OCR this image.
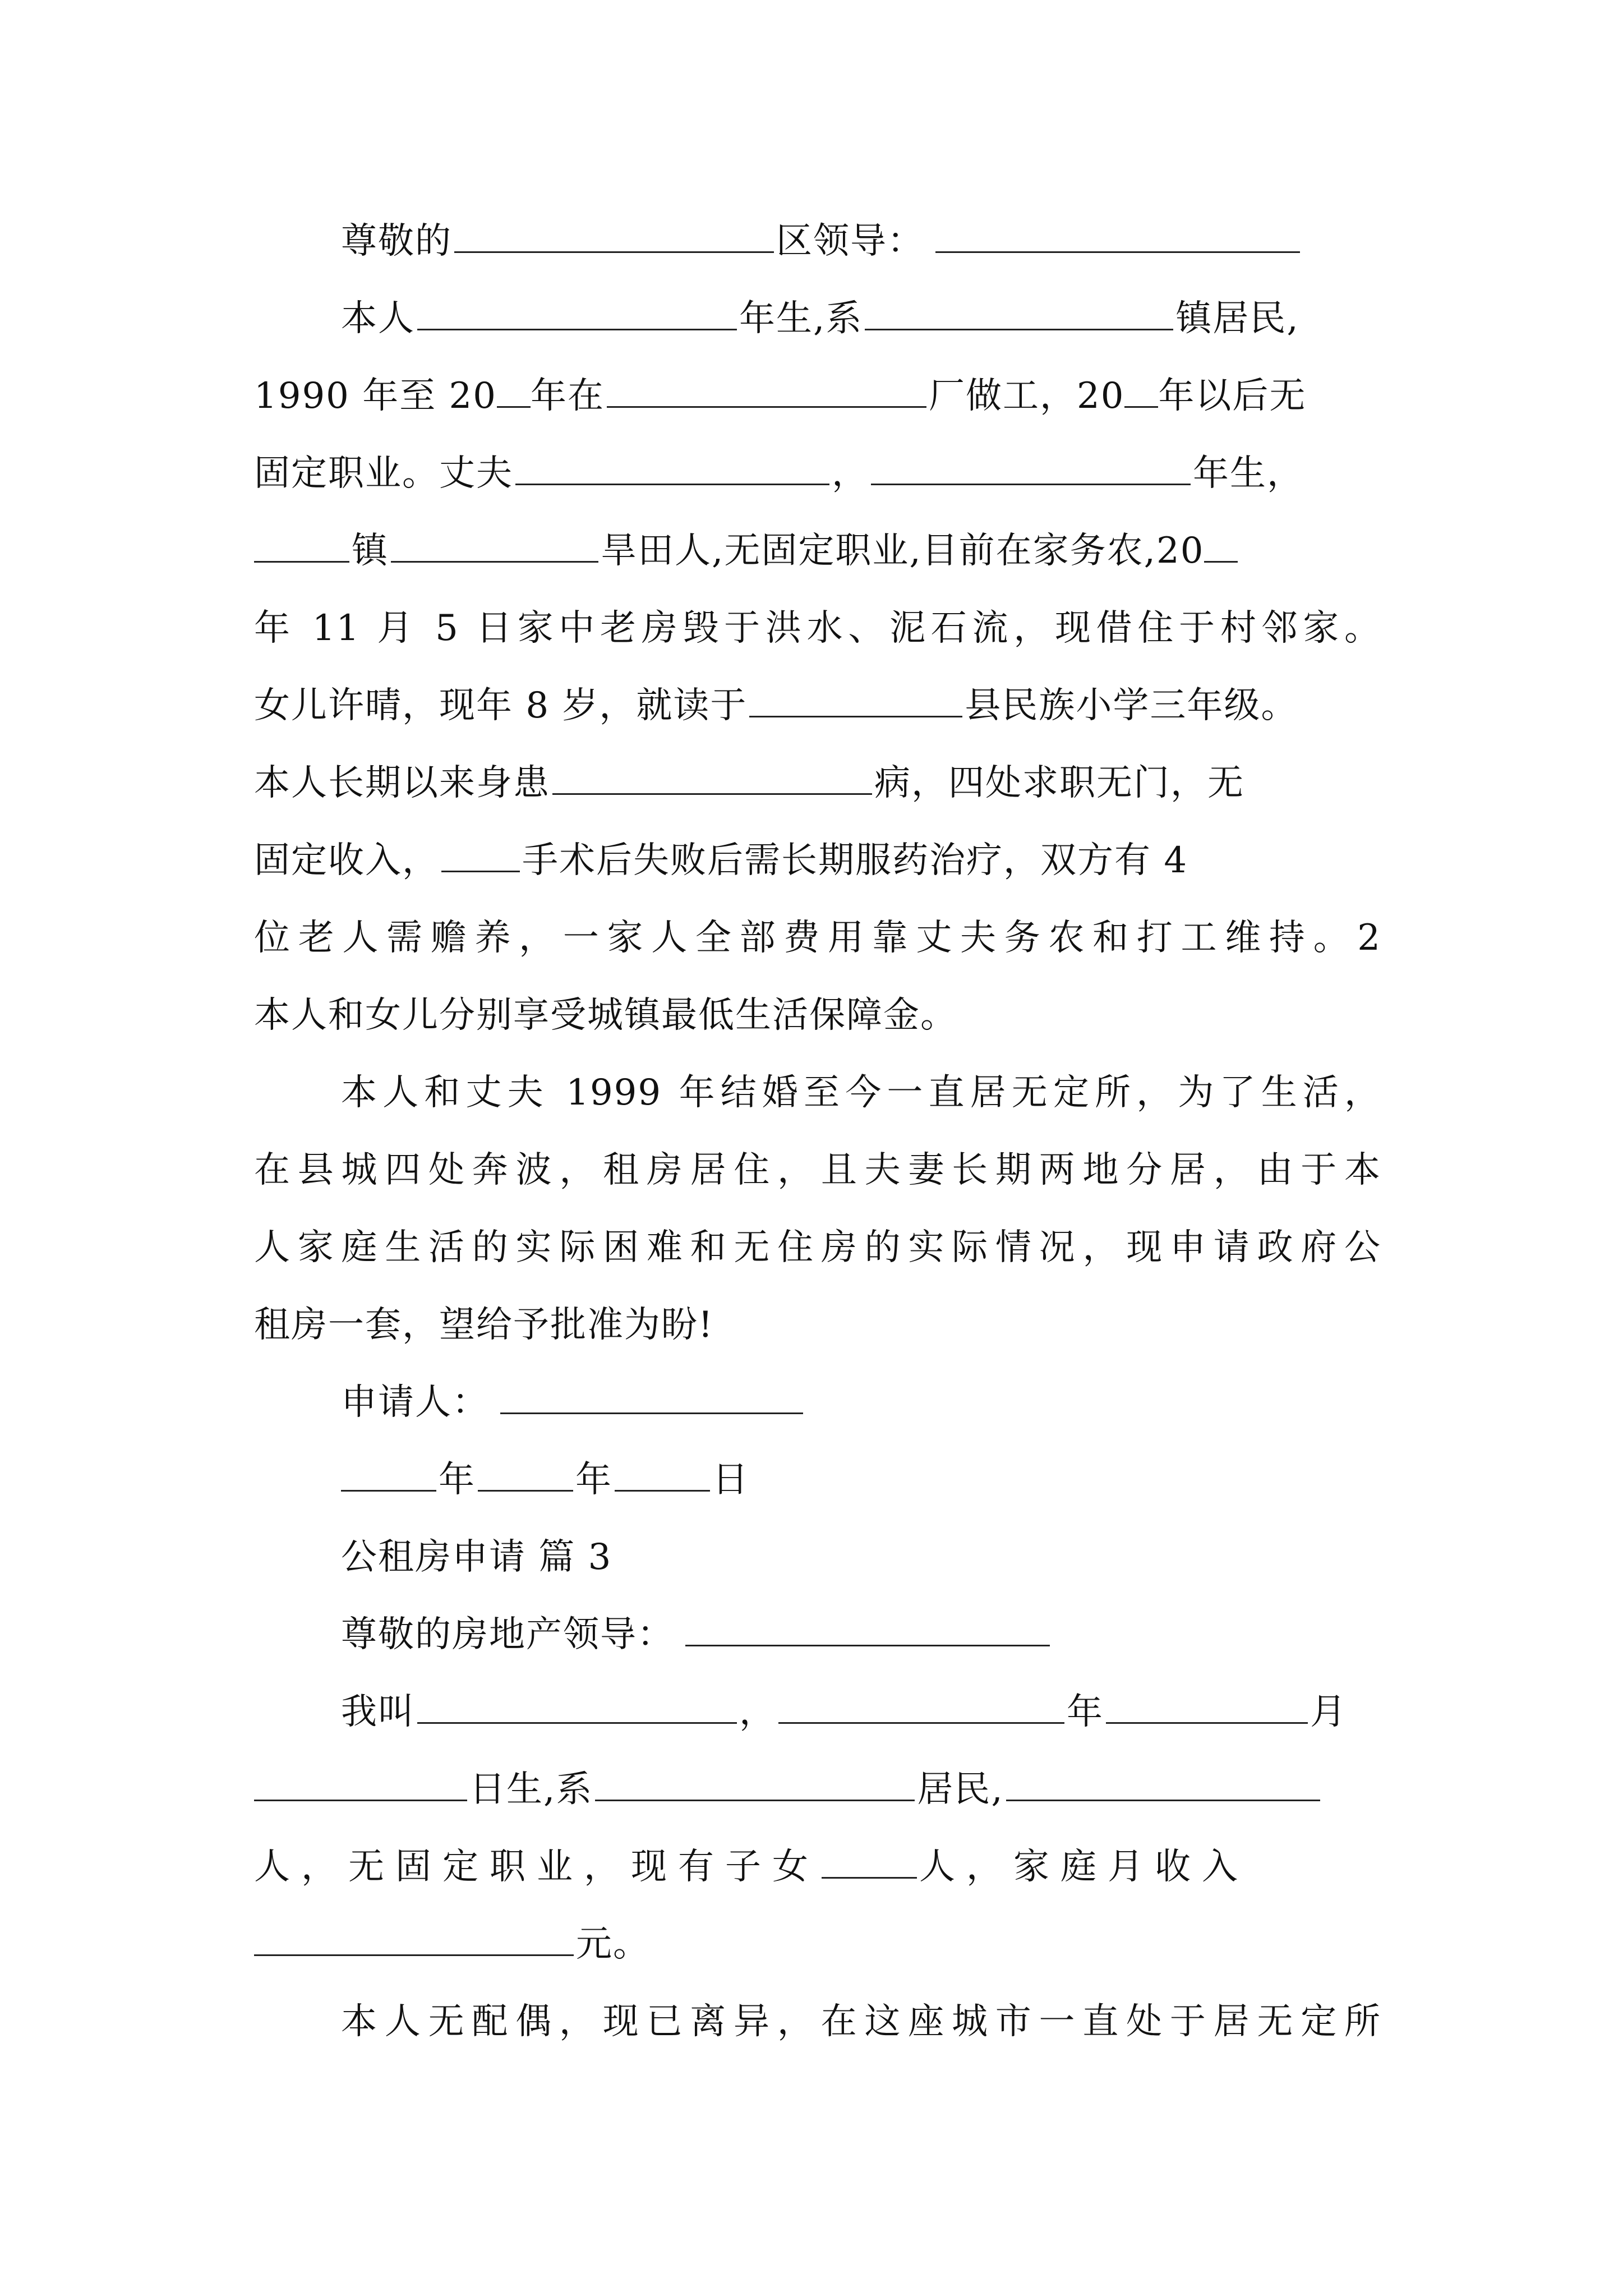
尊敬的	区领导：
本人	年生,系	镇居民,
1990 年至 20 年在	厂做工，20 年以后无
固定职业。丈夫	，	年生，
镇	旱田人,无固定职业,目前在家务农,20
年 11 月 5 日家中老房毁于洪水、泥石流，现借住于村邻家。
女儿许晴，现年 8 岁，就读于	县民族小学三年级。
本人长期以来身患	病，四处求职无门，无
固定收入， 手术后失败后需长期服药治疗，双方有 4
位老人需赡养，一家人全部费用靠丈夫务农和打工维持。2
本人和女儿分别享受城镇最低生活保障金。
本人和丈夫 1999 年结婚至今一直居无定所，为了生活，
在县城四处奔波，租房居住，且夫妻长期两地分居，由于本
人家庭生活的实际困难和无住房的实际情况，现申请政府公
租房一套，望给予批准为盼!
申请人：
年	年	日
公租房申请 篇 3
尊敬的房地产领导：
我叫	，	年	月
日生,系	居民,
人，无固定职业，现有子女	人，家庭月收入
元。
本人无配偶，现已离异，在这座城市一直处于居无定所
